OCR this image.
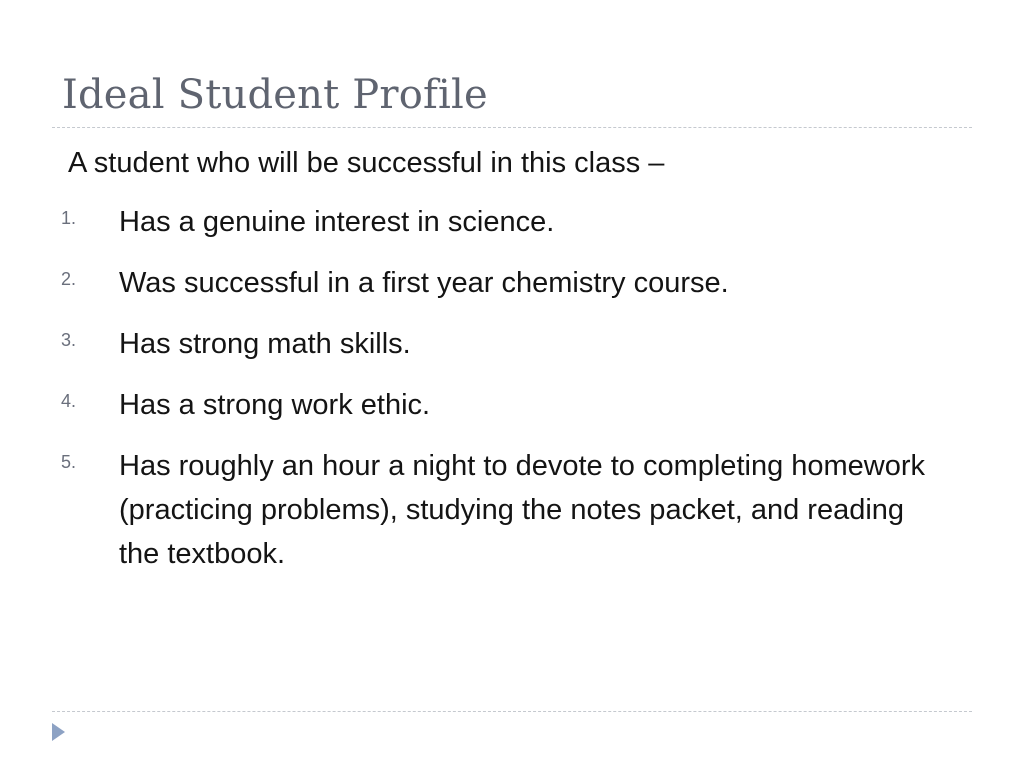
Ideal Student Profile
A student who will be successful in this class –
1. Has a genuine interest in science.
2. Was successful in a first year chemistry course.
3. Has strong math skills.
4. Has a strong work ethic.
5. Has roughly an hour a night to devote to completing homework (practicing problems), studying the notes packet, and reading the textbook.
